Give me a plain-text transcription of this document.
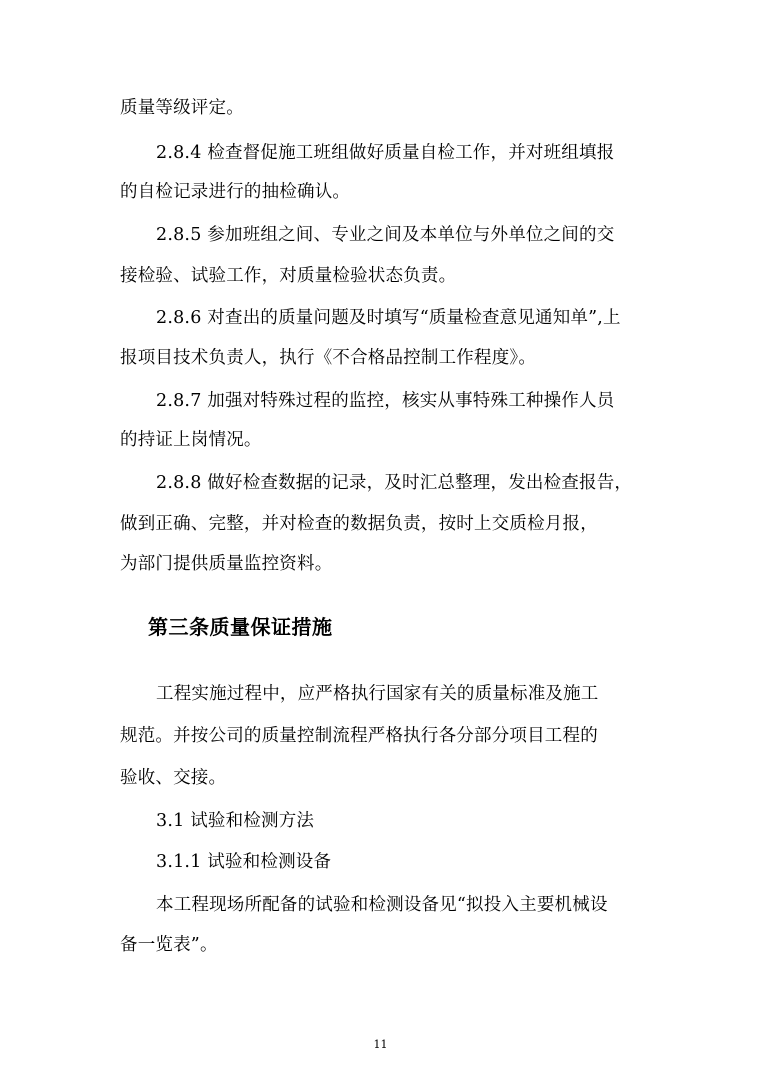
质量等级评定。
2.8.4 检查督促施工班组做好质量自检工作，并对班组填报
的自检记录进行的抽检确认。
2.8.5 参加班组之间、专业之间及本单位与外单位之间的交
接检验、试验工作，对质量检验状态负责。
2.8.6 对查出的质量问题及时填写“质量检查意见通知单”,上
报项目技术负责人，执行《不合格品控制工作程度》。
2.8.7 加强对特殊过程的监控，核实从事特殊工种操作人员
的持证上岗情况。
2.8.8 做好检查数据的记录，及时汇总整理，发出检查报告，
做到正确、完整，并对检查的数据负责，按时上交质检月报，
为部门提供质量监控资料。
第三条质量保证措施
工程实施过程中，应严格执行国家有关的质量标准及施工
规范。并按公司的质量控制流程严格执行各分部分项目工程的
验收、交接。
3.1 试验和检测方法
3.1.1 试验和检测设备
本工程现场所配备的试验和检测设备见“拟投入主要机械设
备一览表”。
11
